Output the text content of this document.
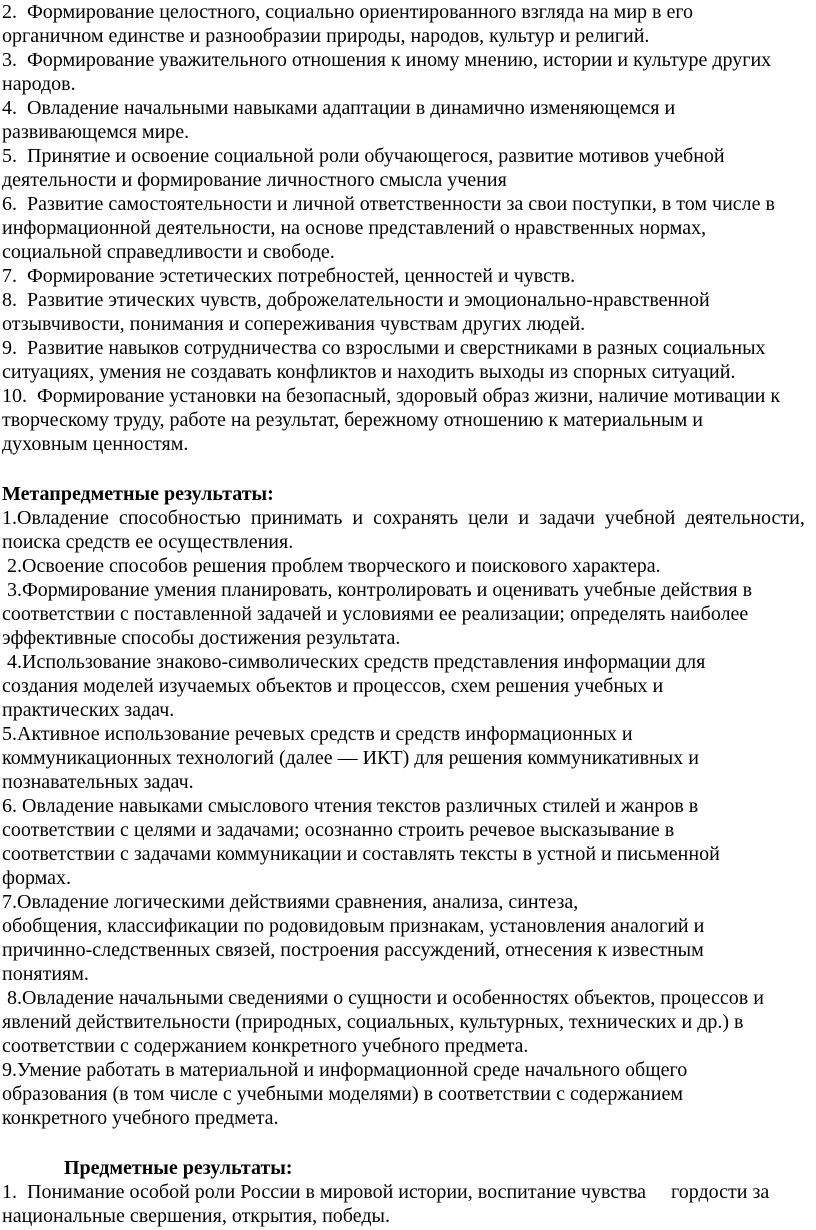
2.  Формирование целостного, социально ориентированного взгляда на мир в его
органичном единстве и разнообразии природы, народов, культур и религий.
3.  Формирование уважительного отношения к иному мнению, истории и культуре других
народов.
4.  Овладение начальными навыками адаптации в динамично изменяющемся и
развивающемся мире.
5.  Принятие и освоение социальной роли обучающегося, развитие мотивов учебной
деятельности и формирование личностного смысла учения
6.  Развитие самостоятельности и личной ответственности за свои поступки, в том числе в
информационной деятельности, на основе представлений о нравственных нормах,
социальной справедливости и свободе.
7.  Формирование эстетических потребностей, ценностей и чувств.
8.  Развитие этических чувств, доброжелательности и эмоционально-нравственной
отзывчивости, понимания и сопереживания чувствам других людей.
9.  Развитие навыков сотрудничества со взрослыми и сверстниками в разных социальных
ситуациях, умения не создавать конфликтов и находить выходы из спорных ситуаций.
10.  Формирование установки на безопасный, здоровый образ жизни, наличие мотивации к
творческому труду, работе на результат, бережному отношению к материальным и
духовным ценностям.
Метапредметные результаты:
1.Овладение  способностью  принимать  и  сохранять  цели  и  задачи  учебной  деятельности,
поиска средств ее осуществления.
2.Освоение способов решения проблем творческого и поискового характера.
3.Формирование умения планировать, контролировать и оценивать учебные действия в
соответствии с поставленной задачей и условиями ее реализации; определять наиболее
эффективные способы достижения результата.
4.Использование знаково-символических средств представления информации для
создания моделей изучаемых объектов и процессов, схем решения учебных и
практических задач.
5.Активное использование речевых средств и средств информационных и
коммуникационных технологий (далее — ИКТ) для решения коммуникативных и
познавательных задач.
6. Овладение навыками смыслового чтения текстов различных стилей и жанров в
соответствии с целями и задачами; осознанно строить речевое высказывание в
соответствии с задачами коммуникации и составлять тексты в устной и письменной
формах.
7.Овладение логическими действиями сравнения, анализа, синтеза,
обобщения, классификации по родовидовым признакам, установления аналогий и
причинно-следственных связей, построения рассуждений, отнесения к известным
понятиям.
8.Овладение начальными сведениями о сущности и особенностях объектов, процессов и
явлений действительности (природных, социальных, культурных, технических и др.) в
соответствии с содержанием конкретного учебного предмета.
9.Умение работать в материальной и информационной среде начального общего
образования (в том числе с учебными моделями) в соответствии с содержанием
конкретного учебного предмета.
Предметные результаты:
1.  Понимание особой роли России в мировой истории, воспитание чувства     гордости за
национальные свершения, открытия, победы.
